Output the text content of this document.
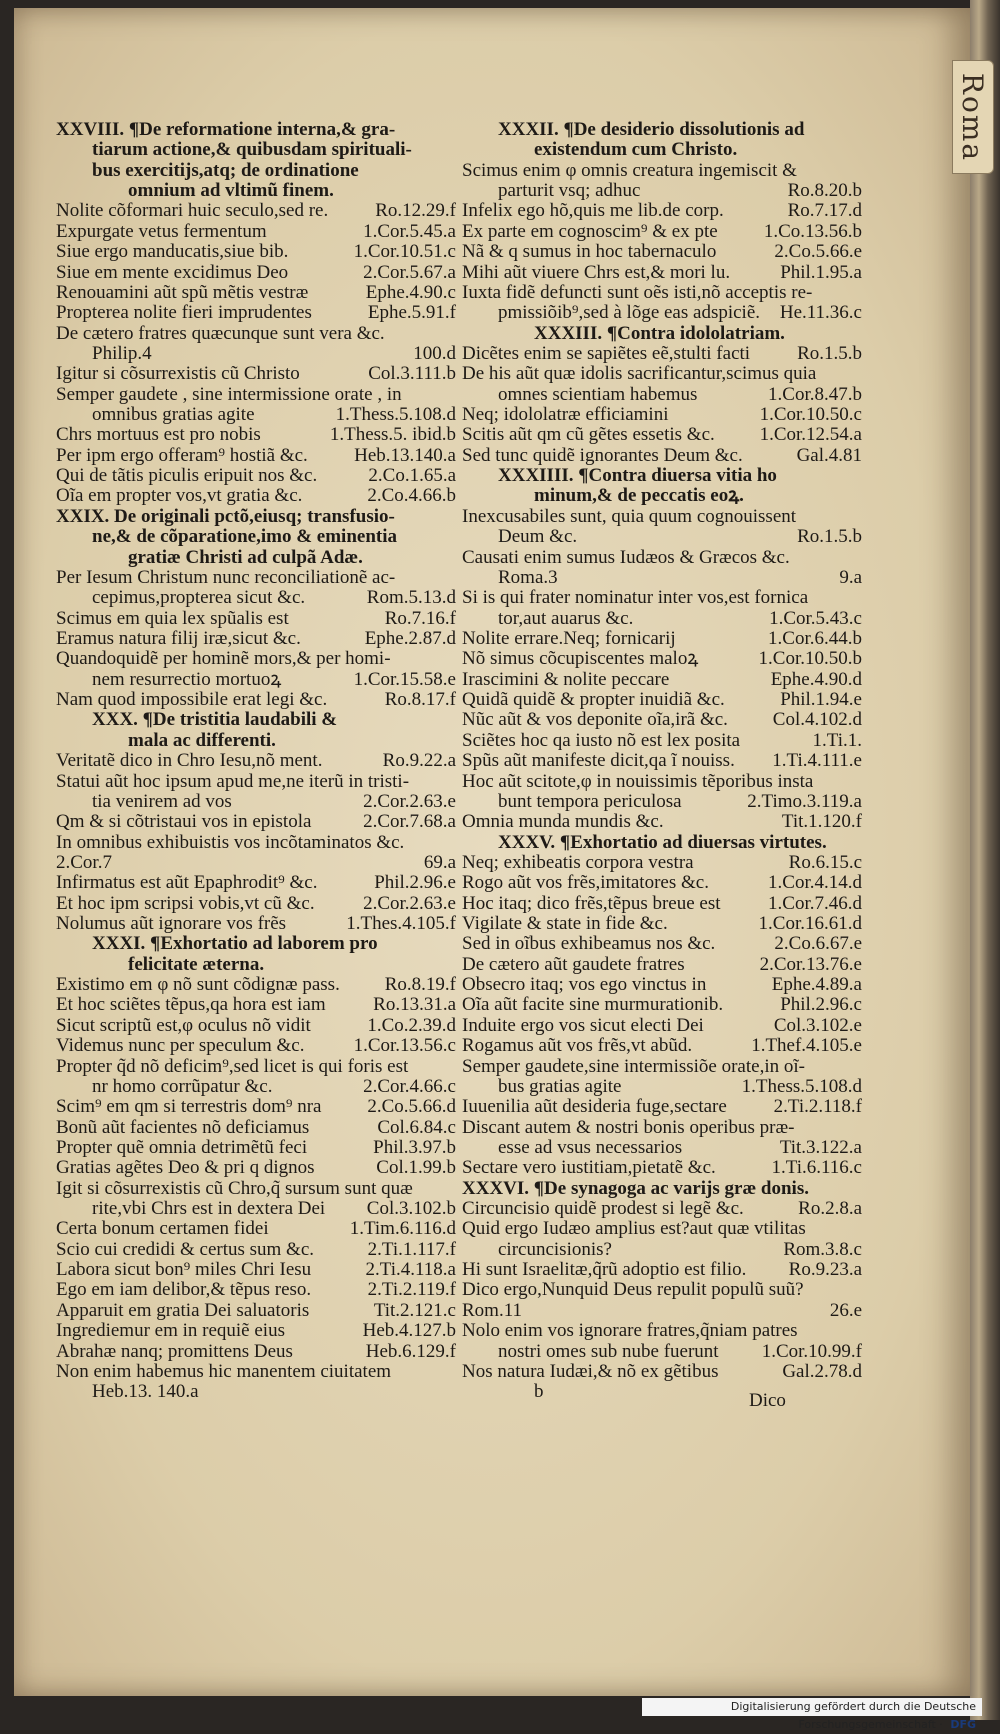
XXVIII. ¶De reformatione interna,& gra-
tiarum actione,& quibusdam spirituali-
bus exercitijs,atq; de ordinatione
omnium ad vltimũ finem.
Nolite cõformari huic seculo,sed re. Ro.12.29.f
Expurgate vetus fermentum	1.Cor.5.45.a
Siue ergo manducatis,siue bib.	1.Cor.10.51.c
Siue em mente excidimus Deo	2.Cor.5.67.a
Renouamini aũt spũ mẽtis vestræ	Ephe.4.90.c
Propterea nolite fieri imprudentes	Ephe.5.91.f
De cætero fratres quæcunque sunt vera &c.
Philip.4	100.d
Igitur si cõsurrexistis cũ Christo	Col.3.111.b
Semper gaudete , sine intermissione orate , in
omnibus gratias agite	1.Thess.5.108.d
Chrs mortuus est pro nobis	1.Thess.5. ibid.b
Per ipm ergo offeram⁹ hostiã &c. Heb.13.140.a
Qui de tãtis piculis eripuit nos &c.	2.Co.1.65.a
Oĩa em propter vos,vt gratia &c.	2.Co.4.66.b
XXIX. De originali pctõ,eiusq; transfusio-
ne,& de cõparatione,imo & eminentia
gratiæ Christi ad culpã Adæ.
Per Iesum Christum nunc reconciliationẽ ac-
cepimus,propterea sicut &c.	Rom.5.13.d
Scimus em quia lex spũalis est	Ro.7.16.f
Eramus natura filij iræ,sicut &c.	Ephe.2.87.d
Quandoquidẽ per hominẽ mors,& per homi-
nem resurrectio mortuoꝝ	1.Cor.15.58.e
Nam quod impossibile erat legi &c.	Ro.8.17.f
XXX. ¶De tristitia laudabili &
mala ac differenti.
Veritatẽ dico in Chro Iesu,nõ ment.	Ro.9.22.a
Statui aũt hoc ipsum apud me,ne iterũ in tristi-
tia venirem ad vos	2.Cor.2.63.e
Qm & si cõtristaui vos in epistola	2.Cor.7.68.a
In omnibus exhibuistis vos incõtaminatos &c.
2.Cor.7	69.a
Infirmatus est aũt Epaphrodit⁹ &c.	Phil.2.96.e
Et hoc ipm scripsi vobis,vt cũ &c.	2.Cor.2.63.e
Nolumus aũt ignorare vos frẽs	1.Thes.4.105.f
XXXI. ¶Exhortatio ad laborem pro
felicitate æterna.
Existimo em φ nõ sunt cõdignæ pass. Ro.8.19.f
Et hoc sciẽtes tẽpus,qa hora est iam	Ro.13.31.a
Sicut scriptũ est,φ oculus nõ vidit	1.Co.2.39.d
Videmus nunc per speculum &c.	1.Cor.13.56.c
Propter q̃d nõ deficim⁹,sed licet is qui foris est
nr homo corrũpatur &c.	2.Cor.4.66.c
Scim⁹ em qm si terrestris dom⁹ nra 2.Co.5.66.d
Bonũ aũt facientes nõ deficiamus	Col.6.84.c
Propter quẽ omnia detrimẽtũ feci	Phil.3.97.b
Gratias agẽtes Deo & pri q dignos	Col.1.99.b
Igit si cõsurrexistis cũ Chro,q̃ sursum sunt quæ
rite,vbi Chrs est in dextera Dei Col.3.102.b
Certa bonum certamen fidei	1.Tim.6.116.d
Scio cui credidi & certus sum &c.	2.Ti.1.117.f
Labora sicut bon⁹ miles Chri Iesu	2.Ti.4.118.a
Ego em iam delibor,& tẽpus reso.	2.Ti.2.119.f
Apparuit em gratia Dei saluatoris	Tit.2.121.c
Ingrediemur em in requiẽ eius	Heb.4.127.b
Abrahæ nanq; promittens Deus	Heb.6.129.f
Non enim habemus hic manentem ciuitatem
Heb.13. 140.a
XXXII. ¶De desiderio dissolutionis ad
existendum cum Christo.
Scimus enim φ omnis creatura ingemiscit &
parturit vsq; adhuc	Ro.8.20.b
Infelix ego hõ,quis me lib.de corp.	Ro.7.17.d
Ex parte em cognoscim⁹ & ex pte 1.Co.13.56.b
Nã & q sumus in hoc tabernaculo	2.Co.5.66.e
Mihi aũt viuere Chrs est,& mori lu.	Phil.1.95.a
Iuxta fidẽ defuncti sunt oẽs isti,nõ acceptis re-
pmissiõib⁹,sed à lõge eas adspiciẽ. He.11.36.c
XXXIII. ¶Contra idololatriam.
Dicẽtes enim se sapiẽtes eẽ,stulti facti Ro.1.5.b
De his aũt quæ idolis sacrificantur,scimus quia
omnes scientiam habemus	1.Cor.8.47.b
Neq; idololatræ efficiamini	1.Cor.10.50.c
Scitis aũt qm cũ gẽtes essetis &c. 1.Cor.12.54.a
Sed tunc quidẽ ignorantes Deum &c.	Gal.4.81
XXXIIII. ¶Contra diuersa vitia ho
minum,& de peccatis eoꝝ.
Inexcusabiles sunt, quia quum cognouissent
Deum &c.	Ro.1.5.b
Causati enim sumus Iudæos & Græcos &c.
Roma.3	9.a
Si is qui frater nominatur inter vos,est fornica
tor,aut auarus &c.	1.Cor.5.43.c
Nolite errare.Neq; fornicarij	1.Cor.6.44.b
Nõ simus cõcupiscentes maloꝝ	1.Cor.10.50.b
Irascimini & nolite peccare	Ephe.4.90.d
Quidã quidẽ & propter inuidiã &c.	Phil.1.94.e
Nũc aũt & vos deponite oĩa,irã &c. Col.4.102.d
Sciẽtes hoc qa iusto nõ est lex posita	1.Ti.1.
Spũs aũt manifeste dicit,qa ĩ nouiss. 1.Ti.4.111.e
Hoc aũt scitote,φ in nouissimis tẽporibus insta
bunt tempora periculosa	2.Timo.3.119.a
Omnia munda mundis &c.	Tit.1.120.f
XXXV. ¶Exhortatio ad diuersas virtutes.
Neq; exhibeatis corpora vestra	Ro.6.15.c
Rogo aũt vos frẽs,imitatores &c.	1.Cor.4.14.d
Hoc itaq; dico frẽs,tẽpus breue est	1.Cor.7.46.d
Vigilate & state in fide &c.	1.Cor.16.61.d
Sed in oĩbus exhibeamus nos &c.	2.Co.6.67.e
De cætero aũt gaudete fratres	2.Cor.13.76.e
Obsecro itaq; vos ego vinctus in	Ephe.4.89.a
Oĩa aũt facite sine murmurationib.	Phil.2.96.c
Induite ergo vos sicut electi Dei	Col.3.102.e
Rogamus aũt vos frẽs,vt abũd.	1.Thef.4.105.e
Semper gaudete,sine intermissiõe orate,in oĩ-
bus gratias agite	1.Thess.5.108.d
Iuuenilia aũt desideria fuge,sectare 2.Ti.2.118.f
Discant autem & nostri bonis operibus præ-
esse ad vsus necessarios	Tit.3.122.a
Sectare vero iustitiam,pietatẽ &c.	1.Ti.6.116.c
XXXVI. ¶De synagoga ac varijs græ donis.
Circuncisio quidẽ prodest si legẽ &c.	Ro.2.8.a
Quid ergo Iudæo amplius est?aut quæ vtilitas
circuncisionis?	Rom.3.8.c
Hi sunt Israelitæ,q̃rũ adoptio est filio. Ro.9.23.a
Dico ergo,Nunquid Deus repulit populũ suũ?
Rom.11	26.e
Nolo enim vos ignorare fratres,q̃niam patres
nostri omes sub nube fuerunt 1.Cor.10.99.f
Nos natura Iudæi,& nõ ex gẽtibus	Gal.2.78.d
b	Dico
Roma
Digitalisierung gefördert durch die Deutsche Forschungsgemeinschaft · DFG
